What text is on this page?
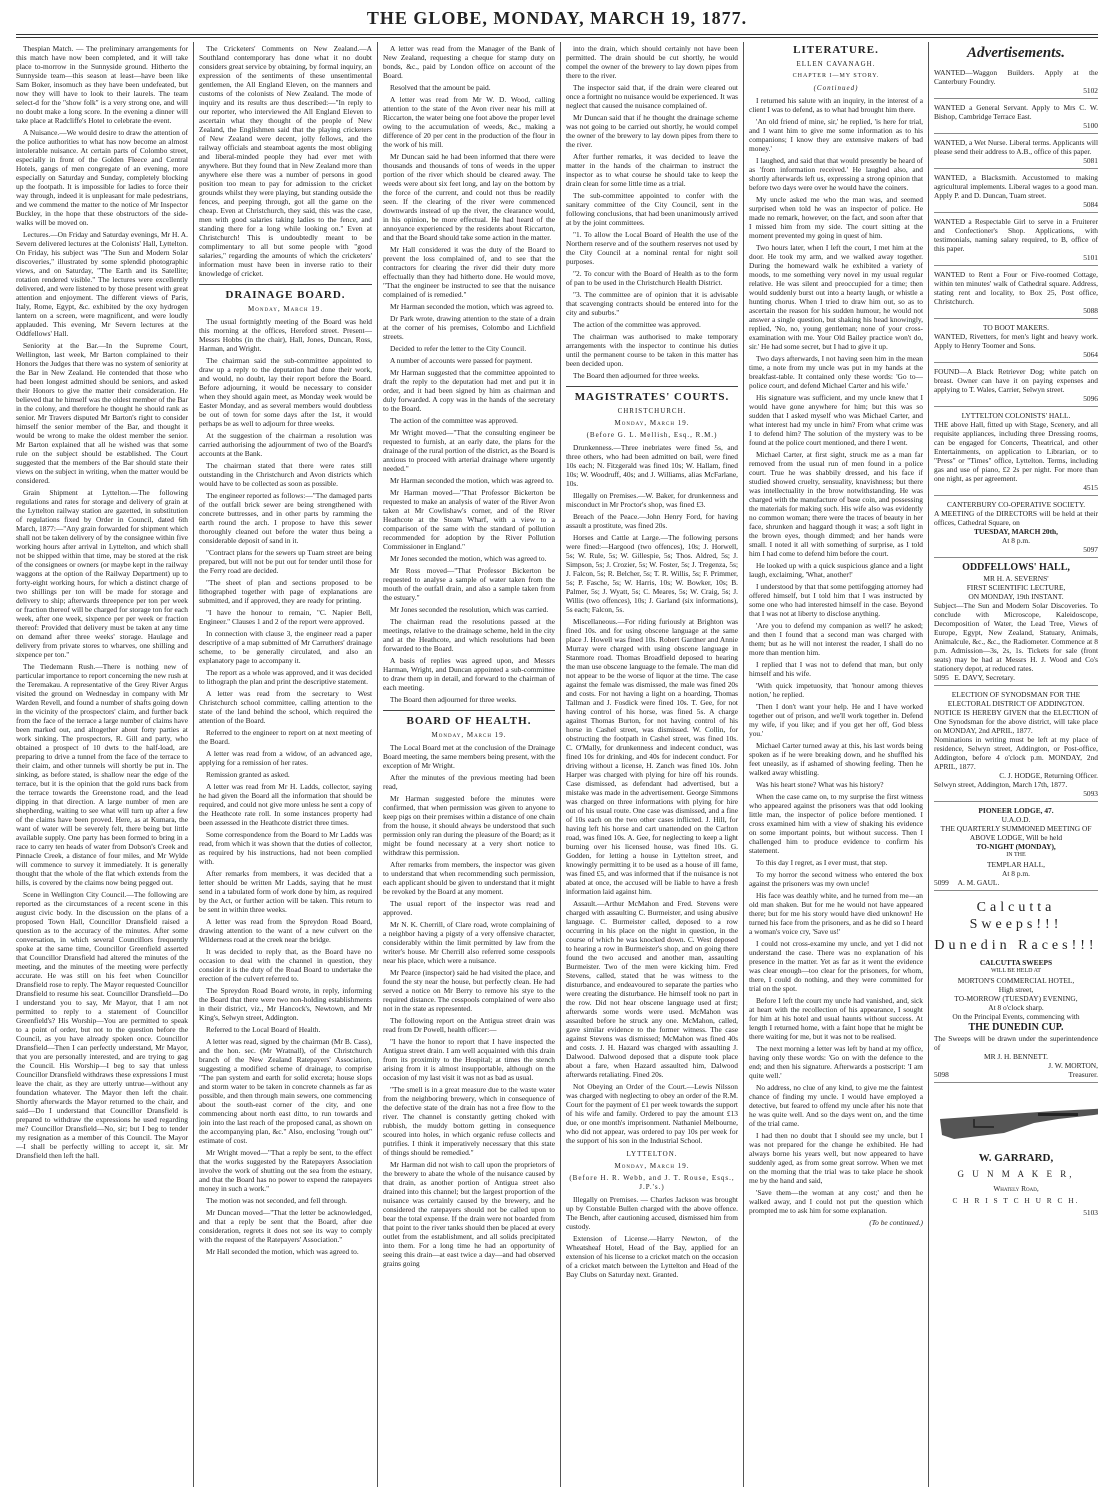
THE GLOBE, MONDAY, MARCH 19, 1877.

Thespian Match. — The preliminary arrangements for this match have now been completed, and it will take place to-morrow in the Sunnyside ground. Hitherto the Sunnyside team—this season at least—have been like Sam Boker, insomuch as they have been undefeated, but now they will have to look to their laurels. The team select-d for the "show folk" is a very strong one, and will no doubt make a long score. In the evening a dinner will take place at Radcliffe's Hotel to celebrate the event.

A Nuisance.—We would desire to draw the attention of the police authorities to what has now become an almost intolerable nuisance. At certain parts of Colombo street, especially in front of the Golden Fleece and Central Hotels, gangs of men congregate of an evening, more especially on Saturday and Sunday, completely blocking up the footpath. It is impossible for ladies to force their way through, indeed it is unpleasant for male pedestrians, and we commend the matter to the notice of Mr Inspector Buckley, in the hope that these obstructors of the side-walks will be moved on.

Lectures.—On Friday and Saturday evenings, Mr H. A. Severn delivered lectures at the Colonists' Hall, Lyttelton. On Friday, his subject was "The Sun and Modern Solar discoveries," illustrated by some splendid photographic views, and on Saturday, "The Earth and its Satellite; rotation rendered visible." The lectures were excellently delivered, and were listened to by those present with great attention and enjoyment. The different views of Paris, Italy, Rome, Egypt, &c. exhibited by the oxy hydrogen lantern on a screen, were magnificent, and were loudly applauded. This evening, Mr Severn lectures at the Oddfellows' Hall.

Seniority at the Bar.—In the Supreme Court, Wellington, last week, Mr Barton complained to their Honors the Judges that there was no system of seniority at the Bar in New Zealand. He contended that those who had been longest admitted should be seniors, and asked their Honors to give the matter their consideration. He believed that he himself was the oldest member of the Bar in the colony, and therefore he thought he should rank as senior. Mr Travers disputed Mr Barton's right to consider himself the senior member of the Bar, and thought it would be wrong to make the oldest member the senior. Mr Barton explained that all he wished was that some rule on the subject should be established. The Court suggested that the members of the Bar should state their views on the subject in writing, when the matter would be considered.

Grain Shipment at Lyttelton.—The following regulations and rates for storage and delivery of grain at the Lyttelton railway station are gazetted, in substitution of regulations fixed by Order in Council, dated 6th March, 1877:—"Any grain forwarded for shipment which shall not be taken delivery of by the consignee within five working hours after arrival in Lyttelton, and which shall not be shipped within that time, may be stored at the risk of the consignees or owners (or maybe kept in the railway waggons at the option of the Railway Department) up to forty-eight working hours, for which a distinct charge of two shillings per ton will be made for storage and delivery to ship; afterwards threepence per ton per week or fraction thereof will be charged for storage ton for each week, after one week, sixpence per per week or fraction thereof: Provided that delivery must be taken at any time on demand after three weeks' storage. Haulage and delivery from private stores to wharves, one shilling and sixpence per ton."

The Tiedemann Rush.—There is nothing new of particular importance to report concerning the new rush at the Teremakau. A representative of the Grey River Argus visited the ground on Wednesday in company with Mr Warden Revell, and found a number of shafts going down in the vicinity of the prospectors' claim, and further back from the face of the terrace a large number of claims have been marked out, and altogether about forty parties at work sinking. The prospectors, R. Gill and party, who obtained a prospect of 10 dwts to the half-load, are preparing to drive a tunnel from the face of the terrace to their claim, and other tunnels will shortly be put in. The sinking, as before stated, is shallow near the edge of the terrace, but it is the opinion that the gold runs back from the terrace towards the Greenstone road, and the lead dipping in that direction. A large number of men are shepherding, waiting to see what will turn up after a few of the claims have been proved. Here, as at Kumara, the want of water will be severely felt, there being but little available supply. One party has been formed to bring in a race to carry ten heads of water from Dobson's Creek and Pinnacle Creek, a distance of four miles, and Mr Wylde will commence to survey it immediately. It is generally thought that the whole of the flat which extends from the hills, is covered by the claims now being pegged out.

Scene in Wellington City Council.—The following are reported as the circumstances of a recent scene in this august civic body. In the discussion on the plans of a proposed Town Hall, Councillor Dransfield raised a question as to the accuracy of the minutes. After some conversation, in which several Councillors frequently spoke at the same time, Councillor Greenfield asserted that Councillor Dransfield had altered the minutes of the meeting, and the minutes of the meeting were perfectly accurate. He was still on his feet when Councillor Dransfield rose to reply. The Mayor requested Councillor Dransfield to resume his seat. Councillor Dransfield—Do I understand you to say, Mr Mayor, that I am not permitted to reply to a statement of Councillor Greenfield's? His Worship—You are permitted to speak to a point of order, but not to the question before the Council, as you have already spoken once. Councillor Dransfield—Then I can perfectly understand, Mr Mayor, that you are personally interested, and are trying to gag the Council. His Worship—I beg to say that unless Councillor Dransfield withdraws these expressions I must leave the chair, as they are utterly untrue—without any foundation whatever. The Mayor then left the chair. Shortly afterwards the Mayor returned to the chair, and said—Do I understand that Councillor Dransfield is prepared to withdraw the expressions he used regarding me? Councillor Dransfield—No, sir; but I beg to tender my resignation as a member of this Council. The Mayor—I shall be perfectly willing to accept it, sir. Mr Dransfield then left the hall.

The Cricketers' Comments on New Zealand.—A Southland contemporary has done what it no doubt considers great service by obtaining, by formal inquiry, an expression of the sentiments of these unsentimental gentlemen, the All England Eleven, on the manners and customs of the colonists of New Zealand. The mode of inquiry and its results are thus described:—"In reply to our reporter, who interviewed the All England Eleven to ascertain what they thought of the people of New Zealand, the Englishmen said that the playing cricketers of New Zealand were decent, jolly fellows, and the railway officials and steamboat agents the most obliging and liberal-minded people they had ever met with anywhere. But they found that in New Zealand more than anywhere else there was a number of persons in good position too mean to pay for admission to the cricket grounds whilst they were playing, but standing outside the fences, and peeping through, got all the game on the cheap. Even at Christchurch, they said, this was the case, men with good salaries taking ladies to the fence, and standing there for a long while looking on." Even at Christchurch! This is undoubtedly meant to be complimentary to all but some people with "good salaries," regarding the amounts of which the cricketers' information must have been in inverse ratio to their knowledge of cricket.

DRAINAGE BOARD.
Monday, March 19.

The usual fortnightly meeting of the Board was held this morning at the offices, Hereford street. Present—Messrs Hobbs (in the chair), Hall, Jones, Duncan, Ross, Harman, and Wright.

The chairman said the sub-committee appointed to draw up a reply to the deputation had done their work, and would, no doubt, lay their report before the Board. Before adjourning, it would be necessary to consider when they should again meet, as Monday week would be Easter Monday, and as several members would doubtless be out of town for some days after the 1st, it would perhaps be as well to adjourn for three weeks.

At the suggestion of the chairman a resolution was carried authorising the adjournment of two of the Board's accounts at the Bank.

The chairman stated that there were rates still outstanding in the Christchurch and Avon districts which would have to be collected as soon as possible.

The engineer reported as follows:—"The damaged parts of the outfall brick sewer are being strengthened with concrete buttresses, and in other parts by ramming the earth round the arch. I propose to have this sewer thoroughly cleaned out before the water thus being a considerable deposit of sand in it.

"Contract plans for the sewers up Tuam street are being prepared, but will not be put out for tender until those for the Ferry road are decided.

"The sheet of plan and sections proposed to be lithographed together with page of explanations are submitted, and if approved, they are ready for printing.

"I have the honour to remain, "C. Napier Bell, Engineer." Clauses 1 and 2 of the report were approved.

In connection with clause 3, the engineer read a paper descriptive of a map submitted of Mr Carruthers' drainage scheme, to be generally circulated, and also an explanatory page to accompany it.

The report as a whole was approved, and it was decided to lithograph the plan and print the descriptive statement.

A letter was read from the secretary to West Christchurch school committee, calling attention to the state of the land behind the school, which required the attention of the Board.

Referred to the engineer to report on at next meeting of the Board.

A letter was read from a widow, of an advanced age, applying for a remission of her rates.

Remission granted as asked.

A letter was read from Mr H. Ladds, collector, saying he had given the Board all the information that should be required, and could not give more unless he sent a copy of the Heathcote rate roll. In some instances property had been assessed in the Heathcote district three times.

Some correspondence from the Board to Mr Ladds was read, from which it was shown that the duties of collector, as required by his instructions, had not been complied with.

After remarks from members, it was decided that a letter should be written Mr Ladds, saying that he must send in a tabulated form of work done by him, as required by the Act, or further action will be taken. This return to be sent in within three weeks.

A letter was read from the Spreydon Road Board, drawing attention to the want of a new culvert on the Wilderness road at the creek near the bridge.

It was decided to reply that, as the Board have no occasion to deal with the channel in question, they consider it is the duty of the Road Board to undertake the erection of the culvert referred to.

The Spreydon Road Board wrote, in reply, informing the Board that there were two non-holding establishments in their district, viz., Mr Hancock's, Newtown, and Mr King's, Selwyn street, Addington.

Referred to the Local Board of Health.

A letter was read, signed by the chairman (Mr B. Cass), and the hon. sec. (Mr Wratnall), of the Christchurch branch of the New Zealand Ratepayers' Association, suggesting a modified scheme of drainage, to comprise "The pan system and earth for solid excreta; house slops and storm water to be taken in concrete channels as far as possible, and then through main sewers, one commencing about the south-east corner of the city, and one commencing about north east ditto, to run towards and join into the last reach of the proposed canal, as shown on the accompanying plan, &c." Also, enclosing "rough out" estimate of cost.

Mr Wright moved—"That a reply be sent, to the effect that the works suggested by the Ratepayers Association involve the work of shutting out the sea from the estuary, and that the Board has no power to expend the ratepayers money in such a work."

The motion was not seconded, and fell through.

Mr Duncan moved—"That the letter be acknowledged, and that a reply be sent that the Board, after due consideration, regrets it does not see its way to comply with the request of the Ratepayers' Association."

Mr Hall seconded the motion, which was agreed to.

A letter was read from the Manager of the Bank of New Zealand, requesting a cheque for stamp duty on bonds, &c., paid by London office on account of the Board.

Resolved that the amount be paid.

A letter was read from Mr W. D. Wood, calling attention to the state of the Avon river near his mill at Riccarton, the water being one foot above the proper level owing to the accumulation of weeds, &c., making a difference of 20 per cent in the production of the flour in the work of his mill.

Mr Duncan said he had been informed that there were thousands and thousands of tons of weeds in the upper portion of the river which should be cleared away. The weeds were about six feet long, and lay on the bottom by the force of the current, and could not thus be readily seen. If the clearing of the river were commenced downwards instead of up the river, the clearance would, in his opinion, be more effectual. He had heard of the annoyance experienced by the residents about Riccarton, and that the Board should take some action in the matter.

Mr Hall considered it was the duty of the Board to prevent the loss complained of, and to see that the contractors for clearing the river did their duty more effectually than they had hitherto done. He would move, "That the engineer be instructed to see that the nuisance complained of is remedied."

Mr Harman seconded the motion, which was agreed to.

Dr Park wrote, drawing attention to the state of a drain at the corner of his premises, Colombo and Lichfield streets.

Decided to refer the letter to the City Council.

A number of accounts were passed for payment.

Mr Harman suggested that the committee appointed to draft the reply to the deputation had met and put it in order, and it had been signed by him as chairman and duly forwarded. A copy was in the hands of the secretary to the Board.

The action of the committee was approved.

Mr Wright moved—"That the consulting engineer be requested to furnish, at an early date, the plans for the drainage of the rural portion of the district, as the Board is anxious to proceed with arterial drainage where urgently needed."

Mr Harman seconded the motion, which was agreed to.

Mr Harman moved—"That Professor Bickerton be requested to make an analysis of water of the River Avon taken at Mr Cowlishaw's corner, and of the River Heathcote at the Steam Wharf, with a view to a comparison of the same with the standard of pollution recommended for adoption by the River Pollution Commissioner in England."

Mr Jones seconded the motion, which was agreed to.

Mr Ross moved—"That Professor Bickerton be requested to analyse a sample of water taken from the mouth of the outfall drain, and also a sample taken from the estuary."

Mr Jones seconded the resolution, which was carried.

The chairman read the resolutions passed at the meetings, relative to the drainage scheme, held in the city and at the Heathcote, and which resolutions had been forwarded to the Board.

A basis of replies was agreed upon, and Messrs Harman, Wright, and Duncan appointed a sub-committee to draw them up in detail, and forward to the chairman of each meeting.

The Board then adjourned for three weeks.

BOARD OF HEALTH.
Monday, March 19.

The Local Board met at the conclusion of the Drainage Board meeting, the same members being present, with the exception of Mr Wright.

After the minutes of the previous meeting had been read,

Mr Harman suggested before the minutes were confirmed, that when permission was given to anyone to keep pigs on their premises within a distance of one chain from the house, it should always be understood that such permission only ran during the pleasure of the Board; as it might be found necessary at a very short notice to withdraw this permission.

After remarks from members, the inspector was given to understand that when recommending such permission, each applicant should be given to understand that it might be revoked by the Board at any moment.

The usual report of the inspector was read and approved.

Mr N. K. Cherrill, of Clare road, wrote complaining of a neighbor having a pigsty of a very offensive character, considerably within the limit permitted by law from the writer's house. Mr Cherrill also referred some cesspools near his place, which were a nuisance.

Mr Pearce (inspector) said he had visited the place, and found the sty near the house, but perfectly clean. He had served a notice on Mr Berry to remove his stye to the required distance. The cesspools complained of were also not in the state as represented.

The following report on the Antigua street drain was read from Dr Powell, health officer:—

"I have the honor to report that I have inspected the Antigua street drain. I am well acquainted with this drain from its proximity to the Hospital; at times the stench arising from it is almost insupportable, although on the occasion of my last visit it was not as bad as usual.

"The smell is in a great measure due to the waste water from the neighboring brewery, which in consequence of the defective state of the drain has not a free flow to the river. The channel is constantly getting choked with rubbish, the muddy bottom getting in consequence scoured into holes, in which organic refuse collects and putrifies. I think it imperatively necessary that this state of things should be remedied."

Mr Harman did not wish to call upon the proprietors of the brewery to abate the whole of the nuisance caused by that drain, as another portion of Antigua street also drained into this channel; but the largest proportion of the nuisance was certainly caused by the brewery, and he considered the ratepayers should not be called upon to bear the total expense. If the drain were not boarded from that point to the river tanks should then be placed at every outlet from the establishment, and all solids precipitated into them. For a long time he had an opportunity of seeing this drain—at east twice a day—and had observed grains going

into the drain, which should certainly not have been permitted. The drain should be cut shortly, he would compel the owner of the brewery to lay down pipes from there to the river.

The inspector said that, if the drain were cleared out once a fortnight no nuisance would be experienced. It was neglect that caused the nuisance complained of.

Mr Duncan said that if he thought the drainage scheme was not going to be carried out shortly, he would compel the owner of the brewery to lay down pipes from there to the river.

After further remarks, it was decided to leave the matter in the hands of the chairman to instruct the inspector as to what course he should take to keep the drain clean for some little time as a trial.

The sub-committee appointed to confer with the sanitary committee of the City Council, sent in the following conclusions, that had been unanimously arrived at by the joint committees.

"1. To allow the Local Board of Health the use of the Northern reserve and of the southern reserves not used by the City Council at a nominal rental for night soil purposes.

"2. To concur with the Board of Health as to the form of pan to be used in the Christchurch Health District.

"3. The committee are of opinion that it is advisable that scavenging contracts should be entered into for the city and suburbs."

The action of the committee was approved.

The chairman was authorised to make temporary arrangements with the inspector to continue his duties until the permanent course to be taken in this matter has been decided upon.

The Board then adjourned for three weeks.

MAGISTRATES' COURTS.
CHRISTCHURCH.
Monday, March 19.
(Before G. L. Mellish, Esq., R.M.)

Drunkenness.—Three inebriates were fined 5s, and three others, who had been admitted on bail, were fined 10s each; N. Fitzgerald was fined 10s; W. Hallam, fined 10s; W. Woodruff, 40s; and J. Williams, alias McFarlane, 10s.

Illegally on Premises.—W. Baker, for drunkenness and misconduct in Mr Proctor's shop, was fined £3.

Breach of the Peace.—John Henry Ford, for having assault a prostitute, was fined 20s.

Horses and Cattle at Large.—The following persons were fined:—Hargood (two offences), 10s; J. Horwell, 5s; W. Rule, 5s; W. Gillespie, 5s; Thos. Aldred, 5s; J. Simpson, 5s; J. Crozier, 5s; W. Foster, 5s; J. Tregenza, 5s; J. Falcon, 5s; R. Belcher, 5s; T. R. Willis, 5s; F. Primmer, 5s; P. Fasche, 5s; W. Harris, 10s; W. Bowker, 10s; B. Palmer, 5s; J. Wyatt, 5s; C. Meares, 5s; W. Craig, 5s; J. Willis (two offences), 10s; J. Garland (six informations), 5s each; Falcon, 5s.

Miscellaneous.—For riding furiously at Brighton was fined 10s. and for using obscene language at the same place J. Howell was fined 10s. Robert Gardner and Annie Murray were charged with using obscene language in Stanmore road. Thomas Broadfield deposed to hearing the man use obscene language to the female. The man did not appear to be the worse of liquor at the time. The case against the female was dismissed, the male was fined 20s and costs. For not having a light on a hoarding, Thomas Tallman and J. Fosdick were fined 10s. T. Gee, for not having control of his horse, was fined 5s. A charge against Thomas Burton, for not having control of his horse in Cashel street, was dismissed. W. Collin, for obstructing the footpath in Cashel street, was fined 10s. C. O'Mally, for drunkenness and indecent conduct, was fined 10s for drinking, and 40s for indecent conduct. For driving without a license, H. Zanch was fined 10s. John Harper was charged with plying for hire off his rounds. Case dismissed, as defendant had advertised, but a mistake was made in the advertisement. George Simmons was charged on three informations with plying for hire out of his usual route. One case was dismissed, and a fine of 10s each on the two other cases inflicted. J. Hill, for having left his horse and cart unattended on the Carlton road, was fined 10s. A. Gee, for neglecting to keep a light burning over his licensed house, was fined 10s. G. Godden, for letting a house in Lyttelton street, and knowingly permitting it to be used as a house of ill fame, was fined £5, and was informed that if the nuisance is not abated at once, the accused will be liable to have a fresh information laid against him.

Assault.—Arthur McMahon and Fred. Stevens were charged with assaulting C. Burmeister, and using abusive language. C. Burmeister called, deposed to a row occurring in his place on the night in question, in the course of which he was knocked down. C. West deposed to hearing a row in Burmeister's shop, and on going there found the two accused and another man, assaulting Burmeister. Two of the men were kicking him. Fred Stevens, called, stated that he was witness to the disturbance, and endeavoured to separate the parties who were creating the disturbance. He himself took no part in the row. Did not hear obscene language used at first; afterwards some words were used. McMahon was assaulted before he struck any one. McMahon, called, gave similar evidence to the former witness. The case against Stevens was dismissed; McMahon was fined 40s and costs. J. H. Hazard was charged with assaulting J. Dalwood. Dalwood deposed that a dispute took place about a fare, when Hazard assaulted him, Dalwood afterwards retaliating. Fined 20s.

Not Obeying an Order of the Court.—Lewis Nilsson was charged with neglecting to obey an order of the R.M. Court for the payment of £1 per week towards the support of his wife and family. Ordered to pay the amount £13 due, or one month's imprisonment. Nathaniel Melbourne, who did not appear, was ordered to pay 10s per week for the support of his son in the Industrial School.

LYTTELTON.
Monday, March 19.
(Before H. R. Webb, and J. T. Rouse, Esqs., J.P.'s.)

Illegally on Premises. — Charles Jackson was brought up by Constable Bullen charged with the above offence. The Bench, after cautioning accused, dismissed him from custody.

Extension of License.—Harry Newton, of the Wheatsheaf Hotel, Head of the Bay, applied for an extension of his license to a cricket match on the occasion of a cricket match between the Lyttelton and Head of the Bay Clubs on Saturday next. Granted.

LITERATURE.
ELLEN CAVANAGH.
CHAPTER I—MY STORY.
(Continued)

I returned his salute with an inquiry, in the interest of a client I was to defend, as to what had brought him there.

'An old friend of mine, sir,' he replied, 'is here for trial, and I want him to give me some information as to his companions; I know they are extensive makers of bad money.'

I laughed, and said that that would presently be heard of as 'from information received.' He laughed also, and shortly afterwards left us, expressing a strong opinion that before two days were over he would have the coiners.

My uncle asked me who the man was, and seemed surprised when told he was an inspector of police. He made no remark, however, on the fact, and soon after that I missed him from my side. The court sitting at the moment prevented my going in quest of him.

Two hours later, when I left the court, I met him at the door. He took my arm, and we walked away together. During the homeward walk he exhibited a variety of moods, to me something very novel in my usual regular relative. He was silent and preoccupied for a time; then would suddenly burst out into a hearty laugh, or whistle a hunting chorus. When I tried to draw him out, so as to ascertain the reason for his sudden humour, he would not answer a single question, but shaking his head knowingly, replied, 'No, no, young gentleman; none of your cross-examination with me. Your Old Bailey practice won't do, sir.' He had some secret, but I had to give it up.

Two days afterwards, I not having seen him in the mean time, a note from my uncle was put in my hands at the breakfast-table. It contained only these words: 'Go to—police court, and defend Michael Carter and his wife.'

His signature was sufficient, and my uncle knew that I would have gone anywhere for him; but this was so sudden that I asked myself who was Michael Carter, and what interest had my uncle in him? From what crime was I to defend him? The solution of the mystery was to be found at the police court mentioned, and there I went.

Michael Carter, at first sight, struck me as a man far removed from the usual run of men found in a police court. True he was shabbily dressed, and his face if studied showed cruelty, sensuality, knavishness; but there was intellectuality in the brow notwithstanding. He was charged with the manufacture of base coin, and possessing the materials for making such. His wife also was evidently no common woman; there were the traces of beauty in her face, shrunken and haggard though it was; a soft light in the brown eyes, though dimmed; and her hands were small. I noted it all with something of surprise, as I told him I had come to defend him before the court.

He looked up with a quick suspicious glance and a light laugh, exclaiming, 'What, another!'

I understood by that that some pettifogging attorney had offered himself, but I told him that I was instructed by some one who had interested himself in the case. Beyond that I was not at liberty to disclose anything.

'Are you to defend my companion as well?' he asked; and then I found that a second man was charged with them; but as he will not interest the reader, I shall do no more than mention him.

I replied that I was not to defend that man, but only himself and his wife.

'With quick impetuosity, that 'honour among thieves notion,' he replied.

'Then I don't want your help. He and I have worked together out of prison, and we'll work together in. Defend my wife, if you like; and if you get her off, God bless you.'

Michael Carter turned away at this, his last words being spoken as if he were breaking down, and he shuffled his feet uneasily, as if ashamed of showing feeling. Then he walked away whistling.

Was his heart stone? What was his history?

When the case came on, to my surprise the first witness who appeared against the prisoners was that odd looking little man, the inspector of police before mentioned. I cross examined him with a view of shaking his evidence on some important points, but without success. Then I challenged him to produce evidence to confirm his statement.

To this day I regret, as I ever must, that step.

To my horror the second witness who entered the box against the prisoners was my own uncle!

His face was deathly white, and he turned from me—an old man shaken. But for me he would not have appeared there; but for me his story would have died unknown! He turned his face from the prisoners, and as he did so I heard a woman's voice cry, 'Save us!'

I could not cross-examine my uncle, and yet I did not understand the case. There was no explanation of his presence in the matter. Yet as far as it went the evidence was clear enough—too clear for the prisoners, for whom, there, I could do nothing, and they were committed for trial on the spot.

Before I left the court my uncle had vanished, and, sick at heart with the recollection of his appearance, I sought for him at his hotel and usual haunts without success. At length I returned home, with a faint hope that he might be there waiting for me, but it was not to be realised.

The next morning a letter was left by hand at my office, having only these words: 'Go on with the defence to the end; and then his signature. Afterwards a postscript: 'I am quite well.'

No address, no clue of any kind, to give me the faintest chance of finding my uncle. I would have employed a detective, but feared to offend my uncle after his note that he was quite well. And so the days went on, and the time of the trial came.

I had then no doubt that I should see my uncle, but I was not prepared for the change he exhibited. He had always borne his years well, but now appeared to have suddenly aged, as from some great sorrow. When we met on the morning that the trial was to take place he shook me by the hand and said,

'Save them—the woman at any cost;' and then he walked away, and I could not put the question which prompted me to ask him for some explanation.

(To be continued.)

Advertisements.

WANTED—Waggon Builders. Apply at the Canterbury Foundry.

5102

WANTED a General Servant. Apply to Mrs C. W. Bishop, Cambridge Terrace East.

5100

WANTED, a Wet Nurse. Liberal terms. Applicants will please send their address to A.B., office of this paper.

5081

WANTED, a Blacksmith. Accustomed to making agricultural implements. Liberal wages to a good man. Apply P. and D. Duncan, Tuam street.

5084

WANTED a Respectable Girl to serve in a Fruiterer and Confectioner's Shop. Applications, with testimonials, naming salary required, to B, office of this paper.

5101

WANTED to Rent a Four or Five-roomed Cottage, within ten minutes' walk of Cathedral square. Address, stating rent and locality, to Box 25, Post office, Christchurch.

5088

TO BOOT MAKERS.

WANTED, Rivetters, for men's light and heavy work. Apply to Henry Toomer and Sons.

5064

FOUND—A Black Retriever Dog; white patch on breast. Owner can have it on paying expenses and applying to T. Wales, Carrier, Selwyn street.

5096

LYTTELTON COLONISTS' HALL.

THE above Hall, fitted up with Stage, Scenery, and all requisite appliances, including three Dressing rooms, can be engaged for Concerts, Theatrical, and other Entertainments, on application to Librarian, or to "Press" or "Times" office, Lyttelton. Terms, including gas and use of piano, £2 2s per night. For more than one night, as per agreement.

4515

CANTERBURY CO-OPERATIVE SOCIETY.

A MEETING of the DIRECTORS will be held at their offices, Cathedral Square, on

TUESDAY, MARCH 20th,

At 8 p.m.

5097

ODDFELLOWS' HALL,

MR H. A. SEVERNS'

FIRST SCIENTIFIC LECTURE,

ON MONDAY, 19th INSTANT.

Subject—The Sun and Modern Solar Discoveries. To conclude with Microscope, Kaleidoscope, Decomposition of Water, the Lead Tree, Views of Europe, Egypt, New Zealand, Statuary, Animals, Animalcule, &c., &c., the Radiometer. Commence at 8 p.m. Admission—3s, 2s, 1s. Tickets for sale (front seats) may be had at Messrs H. J. Wood and Co's stationery depot, at reduced rates.

5095 E. DAVY, Secretary.

ELECTION OF SYNODSMAN FOR THE ELECTORAL DISTRICT OF ADDINGTON.

NOTICE IS HEREBY GIVEN that the ELECTION of One Synodsman for the above district, will take place on MONDAY, 2nd APRIL, 1877.

Nominations in writing must be left at my place of residence, Selwyn street, Addington, or Post-office, Addington, before 4 o'clock p.m. MONDAY, 2nd APRIL, 1877.

C. J. HODGE, Returning Officer.

Selwyn street, Addington, March 17th, 1877.

5093

PIONEER LODGE, 47.

U.A.O.D.

THE QUARTERLY SUMMONED MEETING OF ABOVE LODGE, Will be held

TO-NIGHT (MONDAY),

IN THE

TEMPLAR HALL,

At 8 p.m.

5099 A. M. GAUL.

Calcutta Sweeps!!!
Dunedin Races!!!

CALCUTTA SWEEPS

WILL BE HELD AT

MORTON'S COMMERCIAL HOTEL,

High street,

TO-MORROW (TUESDAY) EVENING,

At 8 o'clock sharp.

On the Principal Events, commencing with

THE DUNEDIN CUP.

The Sweeps will be drawn under the superintendence of

MR J. H. BENNETT.

J. W. MORTON,

5098	Treasurer.

W. GARRARD,

G U N M A K E R,

Whately Road,

C H R I S T C H U R C H.

5103
